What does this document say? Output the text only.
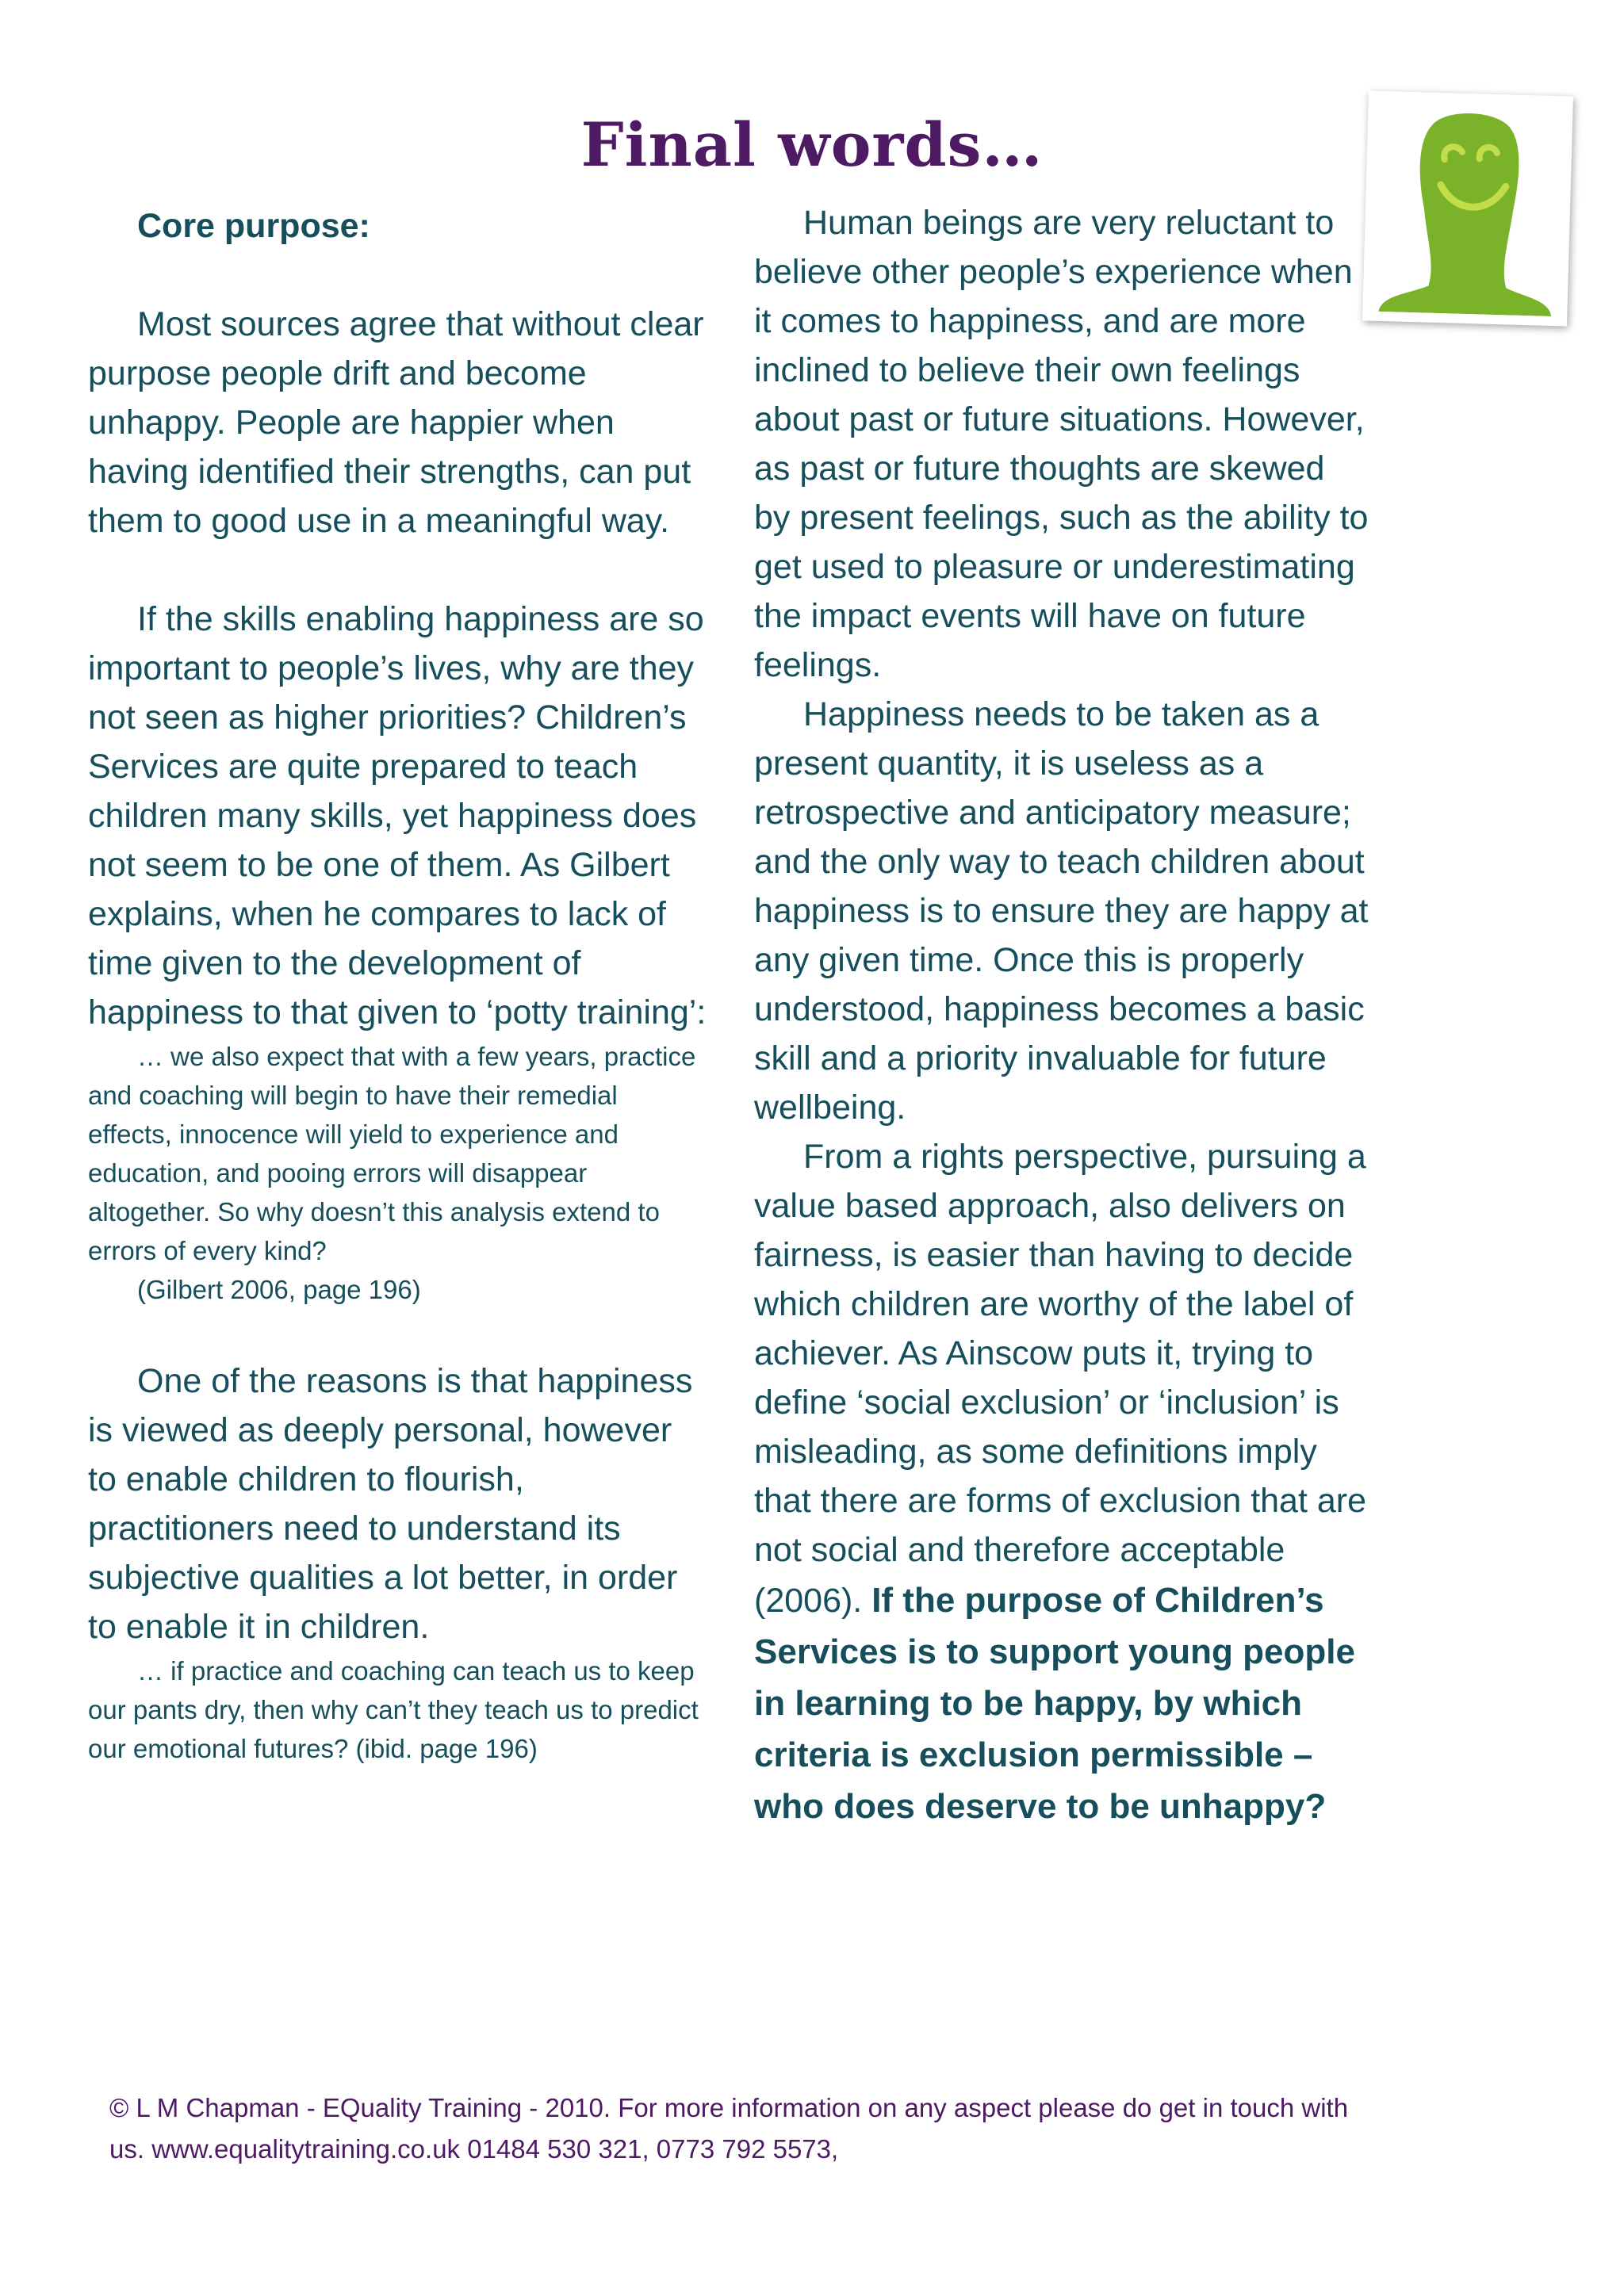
Final words…

Core purpose:

Most sources agree that without clear purpose people drift and become unhappy. People are happier when having identified their strengths, can put them to good use in a meaningful way.

If the skills enabling happiness are so important to people’s lives, why are they not seen as higher priorities? Children’s Services are quite prepared to teach children many skills, yet happiness does not seem to be one of them. As Gilbert explains, when he compares to lack of time given to the development of happiness to that given to ‘potty training’:

… we also expect that with a few years, practice and coaching will begin to have their remedial effects, innocence will yield to experience and education, and pooing errors will disappear altogether. So why doesn’t this analysis extend to errors of every kind?

(Gilbert 2006, page 196)

One of the reasons is that happiness is viewed as deeply personal, however to enable children to flourish, practitioners need to understand its subjective qualities a lot better, in order to enable it in children.

… if practice and coaching can teach us to keep our pants dry, then why can’t they teach us to predict our emotional futures? (ibid. page 196)

Human beings are very reluctant to believe other people’s experience when it comes to happiness, and are more inclined to believe their own feelings about past or future situations. However, as past or future thoughts are skewed by present feelings, such as the ability to get used to pleasure or underestimating the impact events will have on future feelings.

Happiness needs to be taken as a present quantity, it is useless as a retrospective and anticipatory measure; and the only way to teach children about happiness is to ensure they are happy at any given time. Once this is properly understood, happiness becomes a basic skill and a priority invaluable for future wellbeing.

From a rights perspective, pursuing a value based approach, also delivers on fairness, is easier than having to decide which children are worthy of the label of achiever. As Ainscow puts it, trying to define ‘social exclusion’ or ‘inclusion’ is misleading, as some definitions imply that there are forms of exclusion that are not social and therefore acceptable (2006). If the purpose of Children’s Services is to support young people in learning to be happy, by which criteria is exclusion permissible – who does deserve to be unhappy?

© L M Chapman - EQuality Training - 2010. For more information on any aspect please do get in touch with
us. www.equalitytraining.co.uk 01484 530 321, 0773 792 5573,
